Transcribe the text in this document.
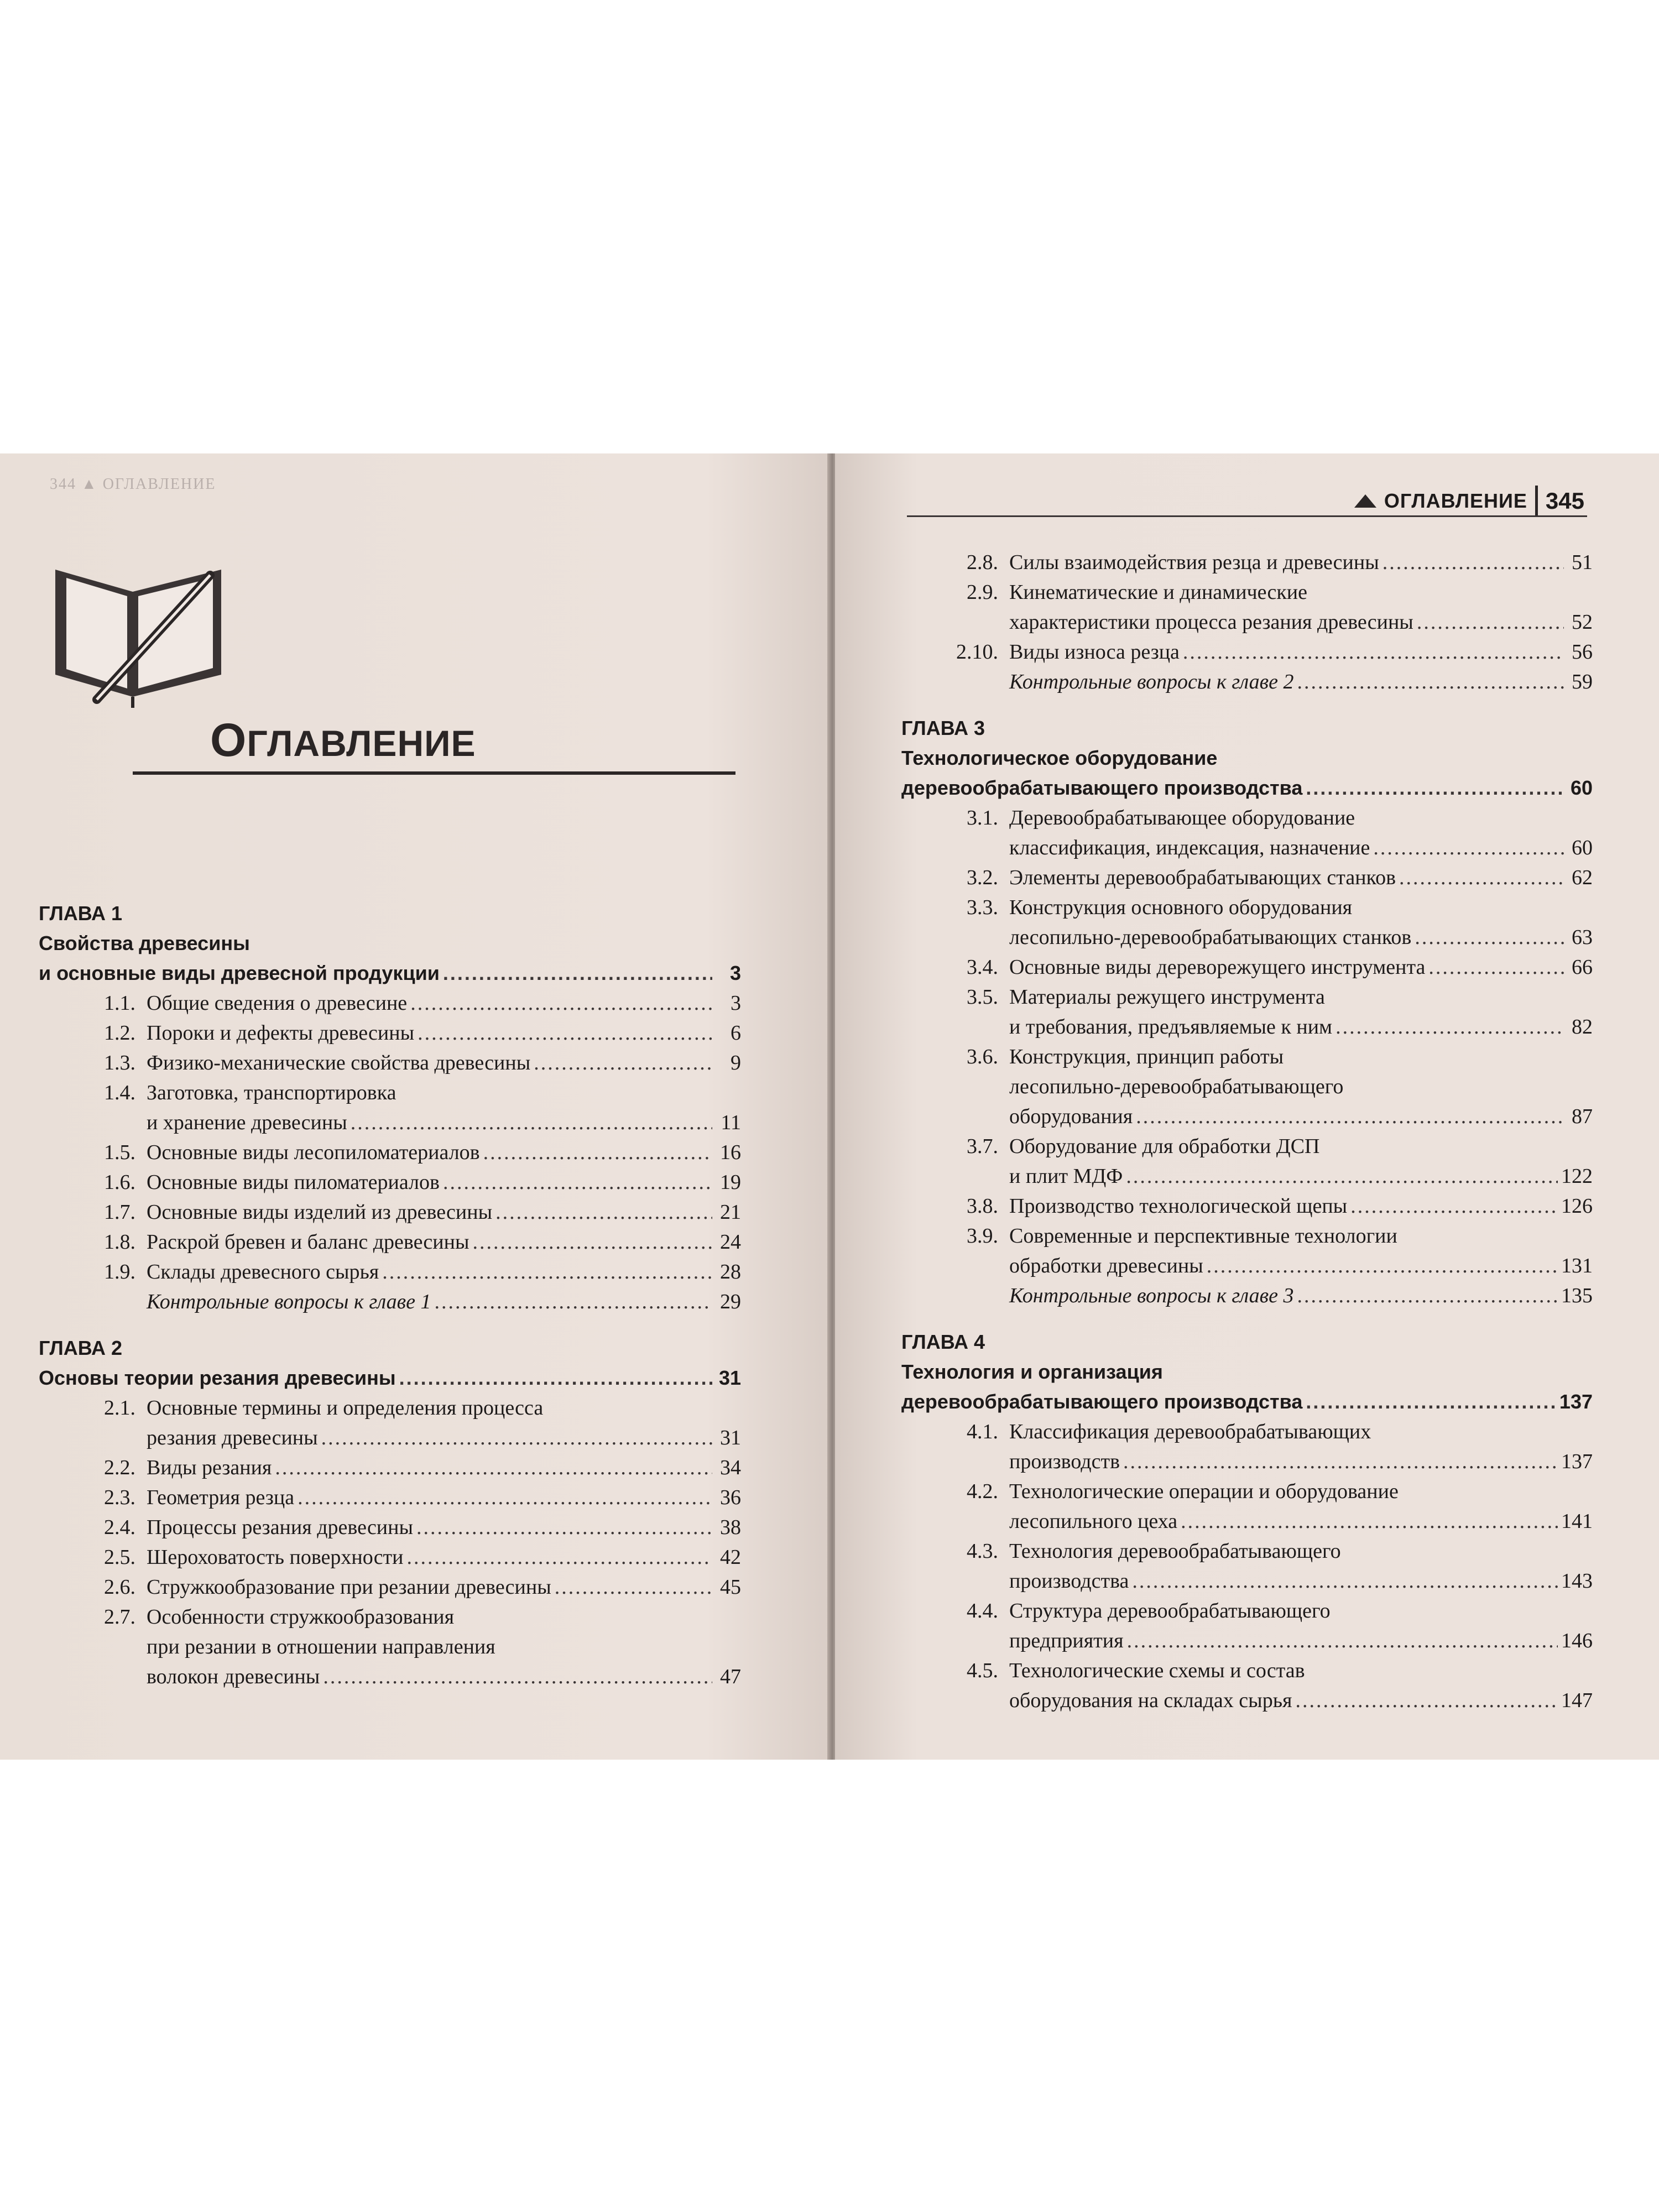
344 ▲ ОГЛАВЛЕНИЕ
ОГЛАВЛЕНИЕ
ГЛАВА 1
Свойства древесины
и основные виды древесной продукции .....	3
1.1. Общие сведения о древесине .....	3
1.2. Пороки и дефекты древесины .....	6
1.3. Физико-механические свойства древесины .....	9
1.4. Заготовка, транспортировка
и хранение древесины .....	11
1.5. Основные виды лесопиломатериалов .....	16
1.6. Основные виды пиломатериалов .....	19
1.7. Основные виды изделий из древесины .....	21
1.8. Раскрой бревен и баланс древесины .....	24
1.9. Склады древесного сырья .....	28
Контрольные вопросы к главе 1 .....	29
ГЛАВА 2
Основы теории резания древесины .....	31
2.1. Основные термины и определения процесса
резания древесины .....	31
2.2. Виды резания .....	34
2.3. Геометрия резца .....	36
2.4. Процессы резания древесины .....	38
2.5. Шероховатость поверхности .....	42
2.6. Стружкообразование при резании древесины .....	45
2.7. Особенности стружкообразования
при резании в отношении направления
волокон древесины .....	47
ОГЛАВЛЕНИЕ 345
2.8. Силы взаимодействия резца и древесины .....	51
2.9. Кинематические и динамические
характеристики процесса резания древесины .....	52
2.10. Виды износа резца .....	56
Контрольные вопросы к главе 2 .....	59
ГЛАВА 3
Технологическое оборудование
деревообрабатывающего производства .....	60
3.1. Деревообрабатывающее оборудование
классификация, индексация, назначение .....	60
3.2. Элементы деревообрабатывающих станков .....	62
3.3. Конструкция основного оборудования
лесопильно-деревообрабатывающих станков .....	63
3.4. Основные виды дереворежущего инструмента .....	66
3.5. Материалы режущего инструмента
и требования, предъявляемые к ним .....	82
3.6. Конструкция, принцип работы
лесопильно-деревообрабатывающего
оборудования .....	87
3.7. Оборудование для обработки ДСП
и плит МДФ .....	122
3.8. Производство технологической щепы .....	126
3.9. Современные и перспективные технологии
обработки древесины .....	131
Контрольные вопросы к главе 3 .....	135
ГЛАВА 4
Технология и организация
деревообрабатывающего производства .....	137
4.1. Классификация деревообрабатывающих
производств .....	137
4.2. Технологические операции и оборудование
лесопильного цеха .....	141
4.3. Технология деревообрабатывающего
производства .....	143
4.4. Структура деревообрабатывающего
предприятия .....	146
4.5. Технологические схемы и состав
оборудования на складах сырья .....	147
